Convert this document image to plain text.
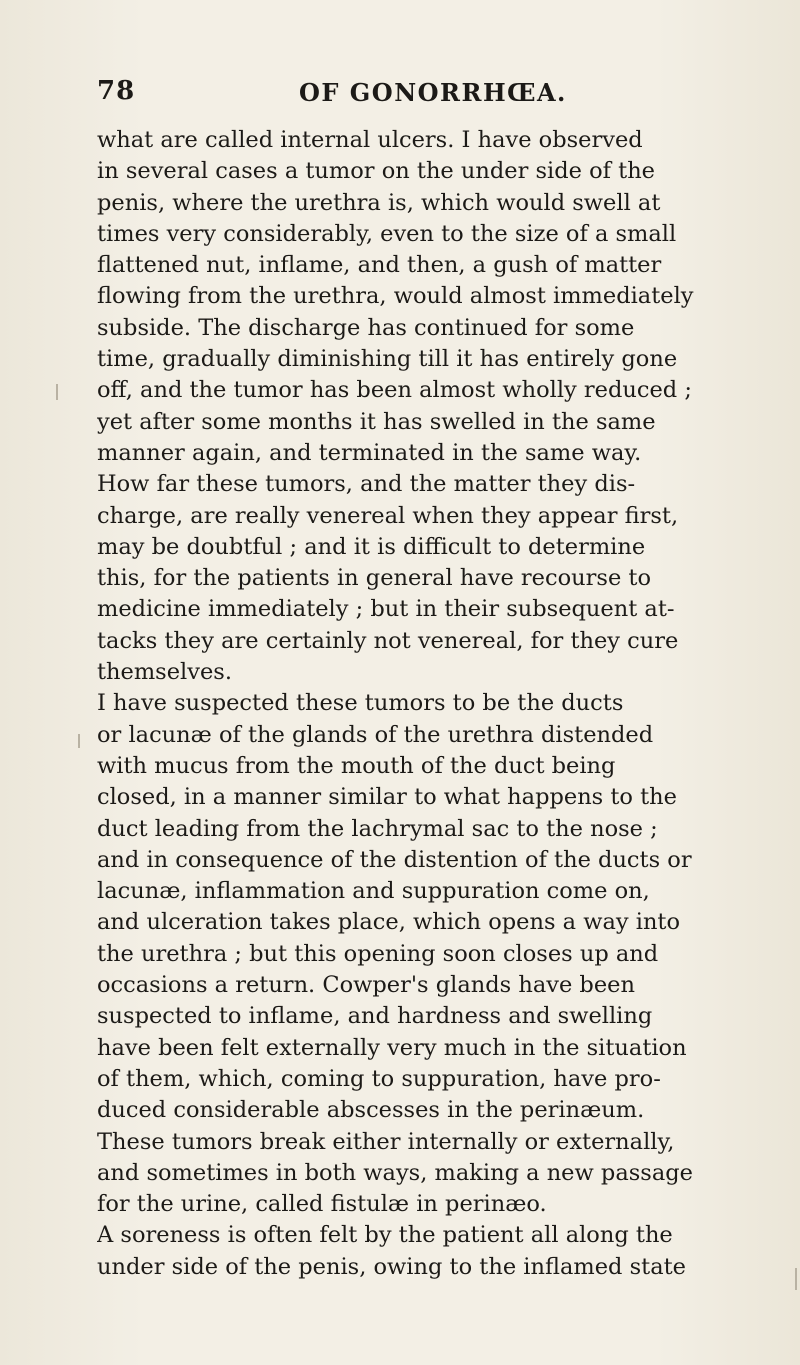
78	OF GONORRHŒA.
what are called internal ulcers. I have observed
in several cases a tumor on the under side of the
penis, where the urethra is, which would swell at
times very considerably, even to the size of a small
flattened nut, inflame, and then, a gush of matter
flowing from the urethra, would almost immediately
subside. The discharge has continued for some
time, gradually diminishing till it has entirely gone
off, and the tumor has been almost wholly reduced ;
yet after some months it has swelled in the same
manner again, and terminated in the same way.
How far these tumors, and the matter they dis-
charge, are really venereal when they appear first,
may be doubtful ; and it is difficult to determine
this, for the patients in general have recourse to
medicine immediately ; but in their subsequent at-
tacks they are certainly not venereal, for they cure
themselves.
I have suspected these tumors to be the ducts
or lacunæ of the glands of the urethra distended
with mucus from the mouth of the duct being
closed, in a manner similar to what happens to the
duct leading from the lachrymal sac to the nose ;
and in consequence of the distention of the ducts or
lacunæ, inflammation and suppuration come on,
and ulceration takes place, which opens a way into
the urethra ; but this opening soon closes up and
occasions a return. Cowper's glands have been
suspected to inflame, and hardness and swelling
have been felt externally very much in the situation
of them, which, coming to suppuration, have pro-
duced considerable abscesses in the perinæum.
These tumors break either internally or externally,
and sometimes in both ways, making a new passage
for the urine, called fistulæ in perinæo.
A soreness is often felt by the patient all along the
under side of the penis, owing to the inflamed state
